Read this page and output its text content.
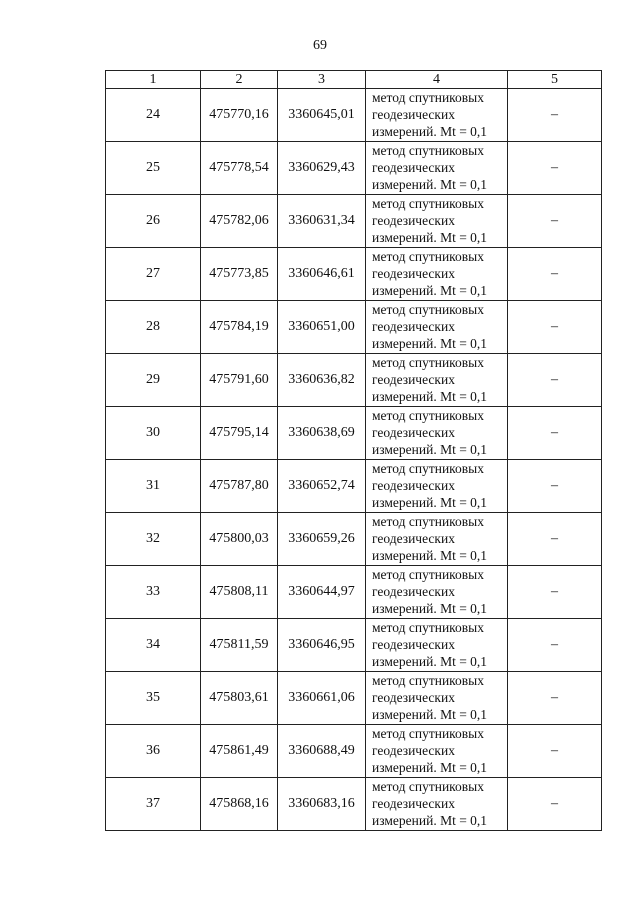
69
1	2	3	4	5
24	475770,16	3360645,01	метод спутниковых
геодезических
измерений. Mt = 0,1	–
25	475778,54	3360629,43	метод спутниковых
геодезических
измерений. Mt = 0,1	–
26	475782,06	3360631,34	метод спутниковых
геодезических
измерений. Mt = 0,1	–
27	475773,85	3360646,61	метод спутниковых
геодезических
измерений. Mt = 0,1	–
28	475784,19	3360651,00	метод спутниковых
геодезических
измерений. Mt = 0,1	–
29	475791,60	3360636,82	метод спутниковых
геодезических
измерений. Mt = 0,1	–
30	475795,14	3360638,69	метод спутниковых
геодезических
измерений. Mt = 0,1	–
31	475787,80	3360652,74	метод спутниковых
геодезических
измерений. Mt = 0,1	–
32	475800,03	3360659,26	метод спутниковых
геодезических
измерений. Mt = 0,1	–
33	475808,11	3360644,97	метод спутниковых
геодезических
измерений. Mt = 0,1	–
34	475811,59	3360646,95	метод спутниковых
геодезических
измерений. Mt = 0,1	–
35	475803,61	3360661,06	метод спутниковых
геодезических
измерений. Mt = 0,1	–
36	475861,49	3360688,49	метод спутниковых
геодезических
измерений. Mt = 0,1	–
37	475868,16	3360683,16	метод спутниковых
геодезических
измерений. Mt = 0,1	–
